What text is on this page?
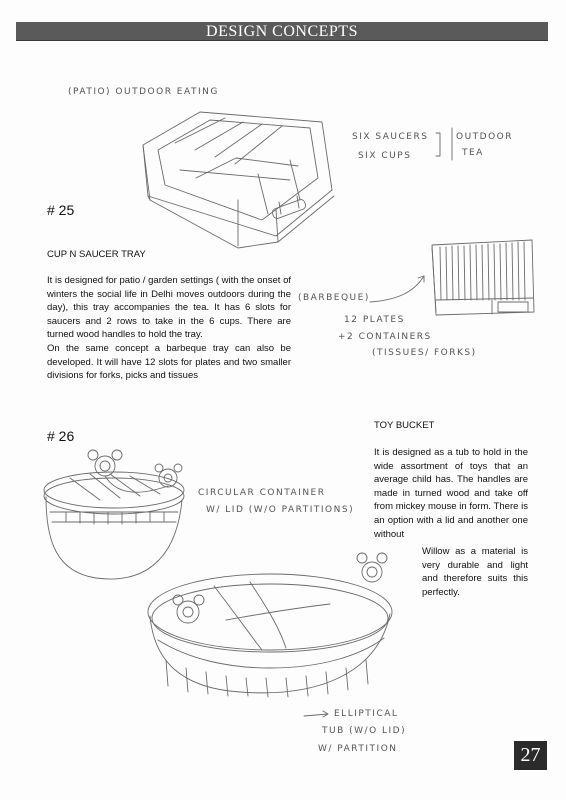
DESIGN CONCEPTS
(PATIO) OUTDOOR EATING
SIX SAUCERS
SIX CUPS
OUTDOOR
TEA
(BARBEQUE)
12 PLATES
+2 CONTAINERS
(TISSUES/ FORKS)
CIRCULAR CONTAINER
W/ LID (W/O PARTITIONS)
ELLIPTICAL
TUB (W/O LID)
W/ PARTITION
# 25
CUP N SAUCER TRAY

It is designed for patio / garden settings ( with the onset of winters the social life in Delhi moves outdoors during the day), this tray accompanies the tea. It has 6 slots for saucers and 2 rows to take in the 6 cups. There are turned wood handles to hold the tray.

On the same concept a barbeque tray can also be developed. It will have 12 slots for plates and two smaller divisions for forks, picks and tissues

# 26
TOY BUCKET

It is designed as a tub to hold in the wide assortment of toys that an average child has. The handles are made in turned wood and take off from mickey mouse in form. There is an option with a lid and another one without

Willow as a material is very durable and light and therefore suits this perfectly.

27
